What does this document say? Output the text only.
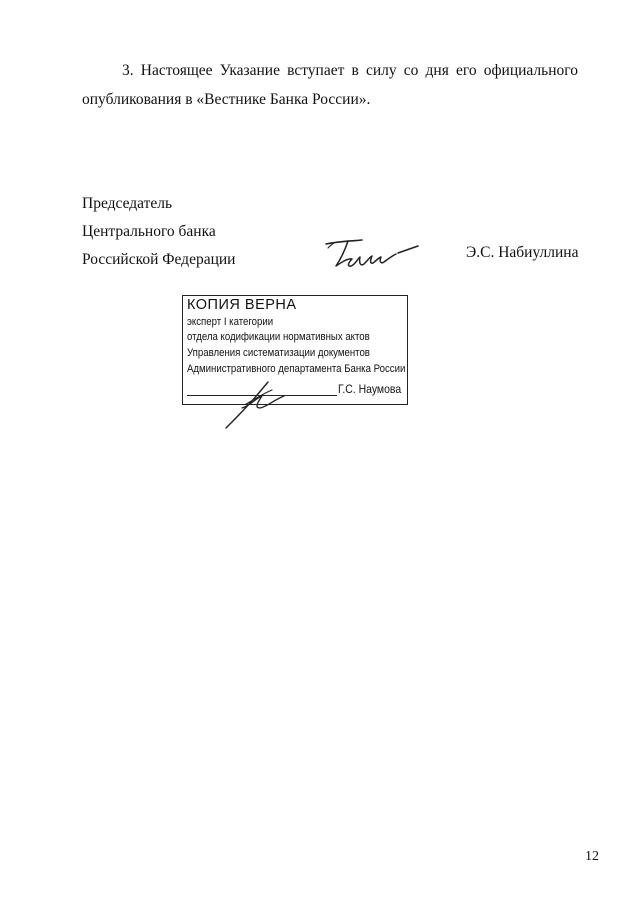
3. Настоящее Указание вступает в силу со дня его официального
опубликования в «Вестнике Банка России».
Председатель
Центрального банка
Российской Федерации	Э.С. Набиуллина
КОПИЯ ВЕРНА
эксперт I категории
отдела кодификации нормативных актов
Управления систематизации документов
Административного департамента Банка России
Г.С. Наумова
12
